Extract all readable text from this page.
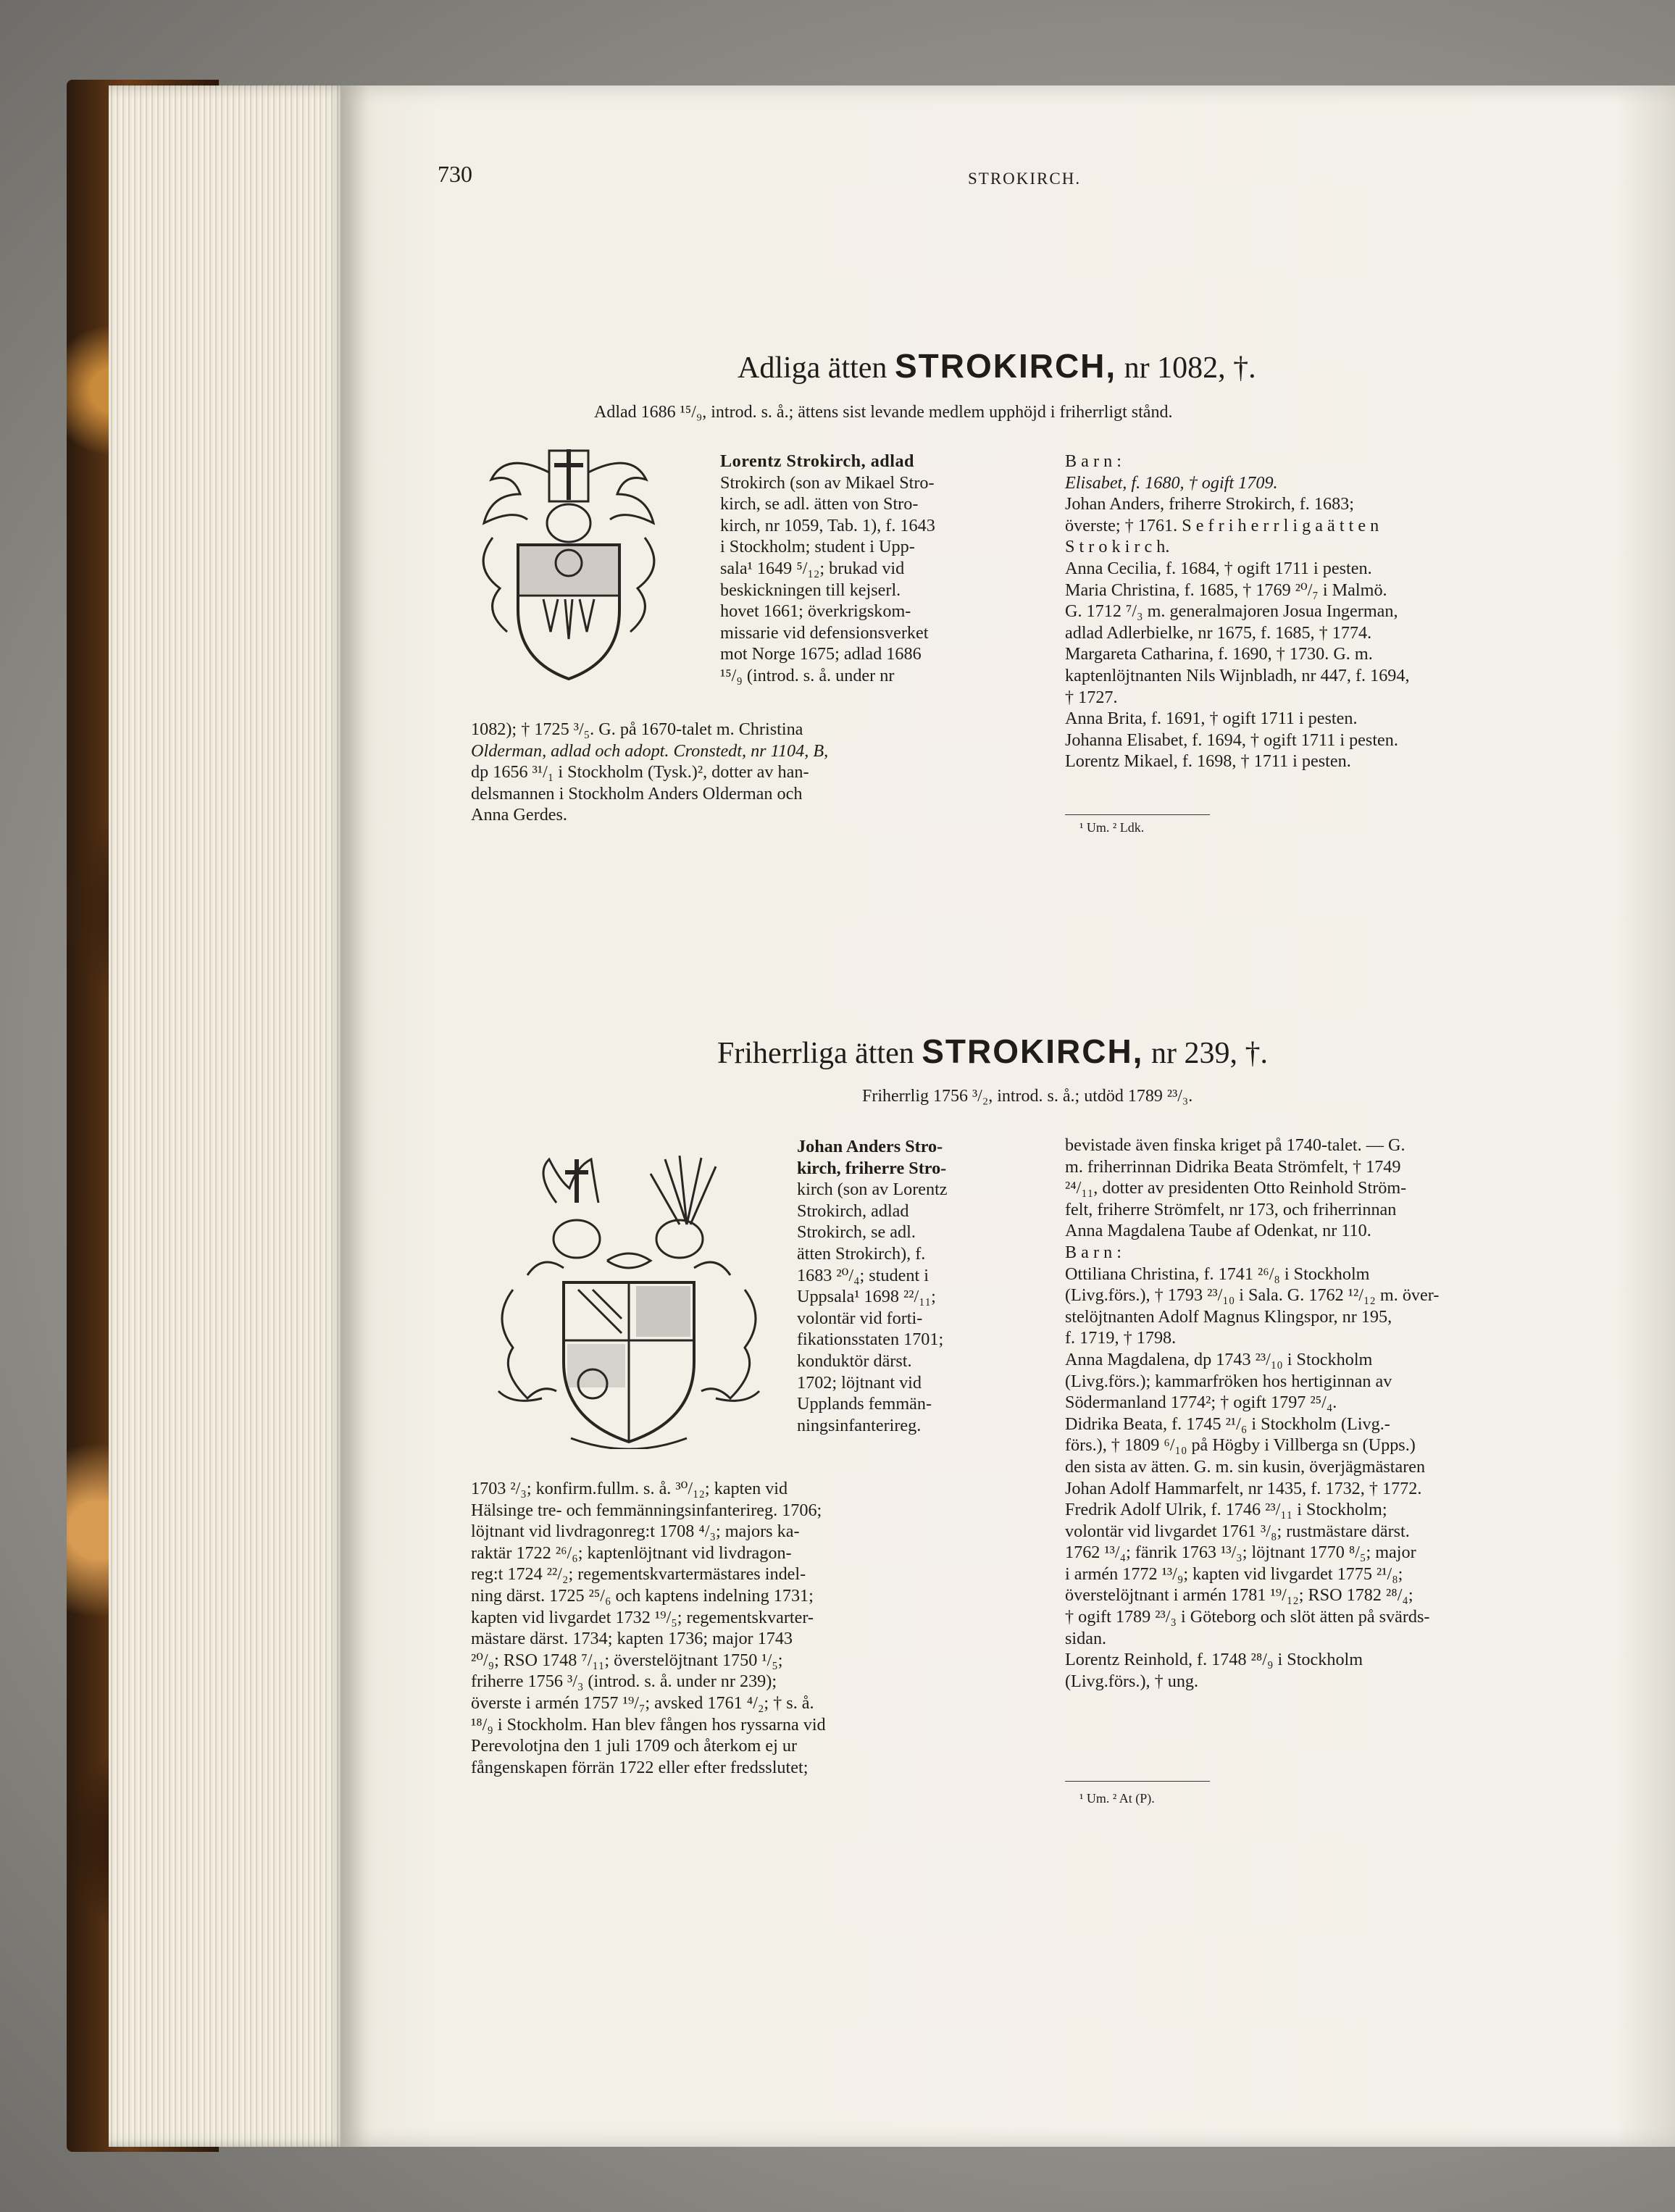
730	STROKIRCH.
Adliga ätten STROKIRCH, nr 1082, †.
Adlad 1686 ¹⁵/₉, introd. s. å.; ättens sist levande medlem upphöjd i friherrligt stånd.

Lorentz Strokirch, adlad

Strokirch (son av Mikael Stro-

kirch, se adl. ätten von Stro-

kirch, nr 1059, Tab. 1), f. 1643

i Stockholm; student i Upp-

sala¹ 1649 ⁵/₁₂; brukad vid

beskickningen till kejserl.

hovet 1661; överkrigskom-

missarie vid defensionsverket

mot Norge 1675; adlad 1686

¹⁵/₉ (introd. s. å. under nr

1082); † 1725 ³/₅. G. på 1670-talet m. Christina

Olderman, adlad och adopt. Cronstedt, nr 1104, B,

dp 1656 ³¹/₁ i Stockholm (Tysk.)², dotter av han-

delsmannen i Stockholm Anders Olderman och

Anna Gerdes.

B a r n :

Elisabet, f. 1680, † ogift 1709.

Johan Anders, friherre Strokirch, f. 1683;

överste; † 1761. S e f r i h e r r l i g a ä t t e n

S t r o k i r c h.

Anna Cecilia, f. 1684, † ogift 1711 i pesten.

Maria Christina, f. 1685, † 1769 ²⁰/₇ i Malmö.

G. 1712 ⁷/₃ m. generalmajoren Josua Ingerman,

adlad Adlerbielke, nr 1675, f. 1685, † 1774.

Margareta Catharina, f. 1690, † 1730. G. m.

kaptenlöjtnanten Nils Wijnbladh, nr 447, f. 1694,

† 1727.

Anna Brita, f. 1691, † ogift 1711 i pesten.

Johanna Elisabet, f. 1694, † ogift 1711 i pesten.

Lorentz Mikael, f. 1698, † 1711 i pesten.

¹ Um. ² Ldk.
Friherrliga ätten STROKIRCH, nr 239, †.
Friherrlig 1756 ³/₂, introd. s. å.; utdöd 1789 ²³/₃.

Johan Anders Stro-

kirch, friherre Stro-

kirch (son av Lorentz

Strokirch, adlad

Strokirch, se adl.

ätten Strokirch), f.

1683 ²⁰/₄; student i

Uppsala¹ 1698 ²²/₁₁;

volontär vid forti-

fikationsstaten 1701;

konduktör därst.

1702; löjtnant vid

Upplands femmän-

ningsinfanterireg.

1703 ²/₃; konfirm.fullm. s. å. ³⁰/₁₂; kapten vid

Hälsinge tre- och femmänningsinfanterireg. 1706;

löjtnant vid livdragonreg:t 1708 ⁴/₃; majors ka-

raktär 1722 ²⁶/₆; kaptenlöjtnant vid livdragon-

reg:t 1724 ²²/₂; regementskvartermästares indel-

ning därst. 1725 ²⁵/₆ och kaptens indelning 1731;

kapten vid livgardet 1732 ¹⁹/₅; regementskvarter-

mästare därst. 1734; kapten 1736; major 1743

²⁰/₉; RSO 1748 ⁷/₁₁; överstelöjtnant 1750 ¹/₅;

friherre 1756 ³/₃ (introd. s. å. under nr 239);

överste i armén 1757 ¹⁹/₇; avsked 1761 ⁴/₂; † s. å.

¹⁸/₉ i Stockholm. Han blev fången hos ryssarna vid

Perevolotjna den 1 juli 1709 och återkom ej ur

fångenskapen förrän 1722 eller efter fredsslutet;

bevistade även finska kriget på 1740-talet. — G.

m. friherrinnan Didrika Beata Strömfelt, † 1749

²⁴/₁₁, dotter av presidenten Otto Reinhold Ström-

felt, friherre Strömfelt, nr 173, och friherrinnan

Anna Magdalena Taube af Odenkat, nr 110.

B a r n :

Ottiliana Christina, f. 1741 ²⁶/₈ i Stockholm

(Livg.förs.), † 1793 ²³/₁₀ i Sala. G. 1762 ¹²/₁₂ m. över-

stelöjtnanten Adolf Magnus Klingspor, nr 195,

f. 1719, † 1798.

Anna Magdalena, dp 1743 ²³/₁₀ i Stockholm

(Livg.förs.); kammarfröken hos hertiginnan av

Södermanland 1774²; † ogift 1797 ²⁵/₄.

Didrika Beata, f. 1745 ²¹/₆ i Stockholm (Livg.-

förs.), † 1809 ⁶/₁₀ på Högby i Villberga sn (Upps.)

den sista av ätten. G. m. sin kusin, överjägmästaren

Johan Adolf Hammarfelt, nr 1435, f. 1732, † 1772.

Fredrik Adolf Ulrik, f. 1746 ²³/₁₁ i Stockholm;

volontär vid livgardet 1761 ³/₈; rustmästare därst.

1762 ¹³/₄; fänrik 1763 ¹³/₃; löjtnant 1770 ⁸/₅; major

i armén 1772 ¹³/₉; kapten vid livgardet 1775 ²¹/₈;

överstelöjtnant i armén 1781 ¹⁹/₁₂; RSO 1782 ²⁸/₄;

† ogift 1789 ²³/₃ i Göteborg och slöt ätten på svärds-

sidan.

Lorentz Reinhold, f. 1748 ²⁸/₉ i Stockholm

(Livg.förs.), † ung.

¹ Um. ² At (P).
